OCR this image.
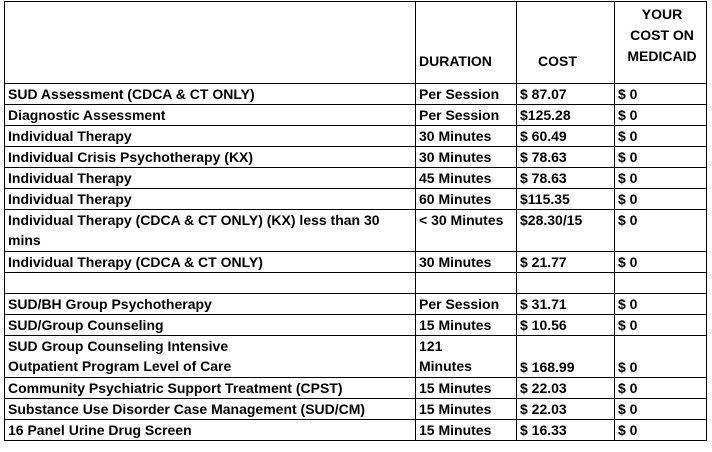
	DURATION	COST	YOUR
COST ON
MEDICAID
SUD Assessment (CDCA & CT ONLY)	Per Session	$ 87.07	$ 0
Diagnostic Assessment	Per Session	$125.28	$ 0
Individual Therapy	30 Minutes	$ 60.49	$ 0
Individual Crisis Psychotherapy (KX)	30 Minutes	$ 78.63	$ 0
Individual Therapy	45 Minutes	$ 78.63	$ 0
Individual Therapy	60 Minutes	$115.35	$ 0
Individual Therapy (CDCA & CT ONLY) (KX) less than 30 mins	< 30 Minutes	$28.30/15	$ 0
Individual Therapy (CDCA & CT ONLY)	30 Minutes	$ 21.77	$ 0

SUD/BH Group Psychotherapy	Per Session	$ 31.71	$ 0
SUD/Group Counseling	15 Minutes	$ 10.56	$ 0
SUD Group Counseling Intensive Outpatient Program Level of Care	121 Minutes	$ 168.99	$ 0
Community Psychiatric Support Treatment (CPST)	15 Minutes	$ 22.03	$ 0
Substance Use Disorder Case Management (SUD/CM)	15 Minutes	$ 22.03	$ 0
16 Panel Urine Drug Screen	15 Minutes	$ 16.33	$ 0
